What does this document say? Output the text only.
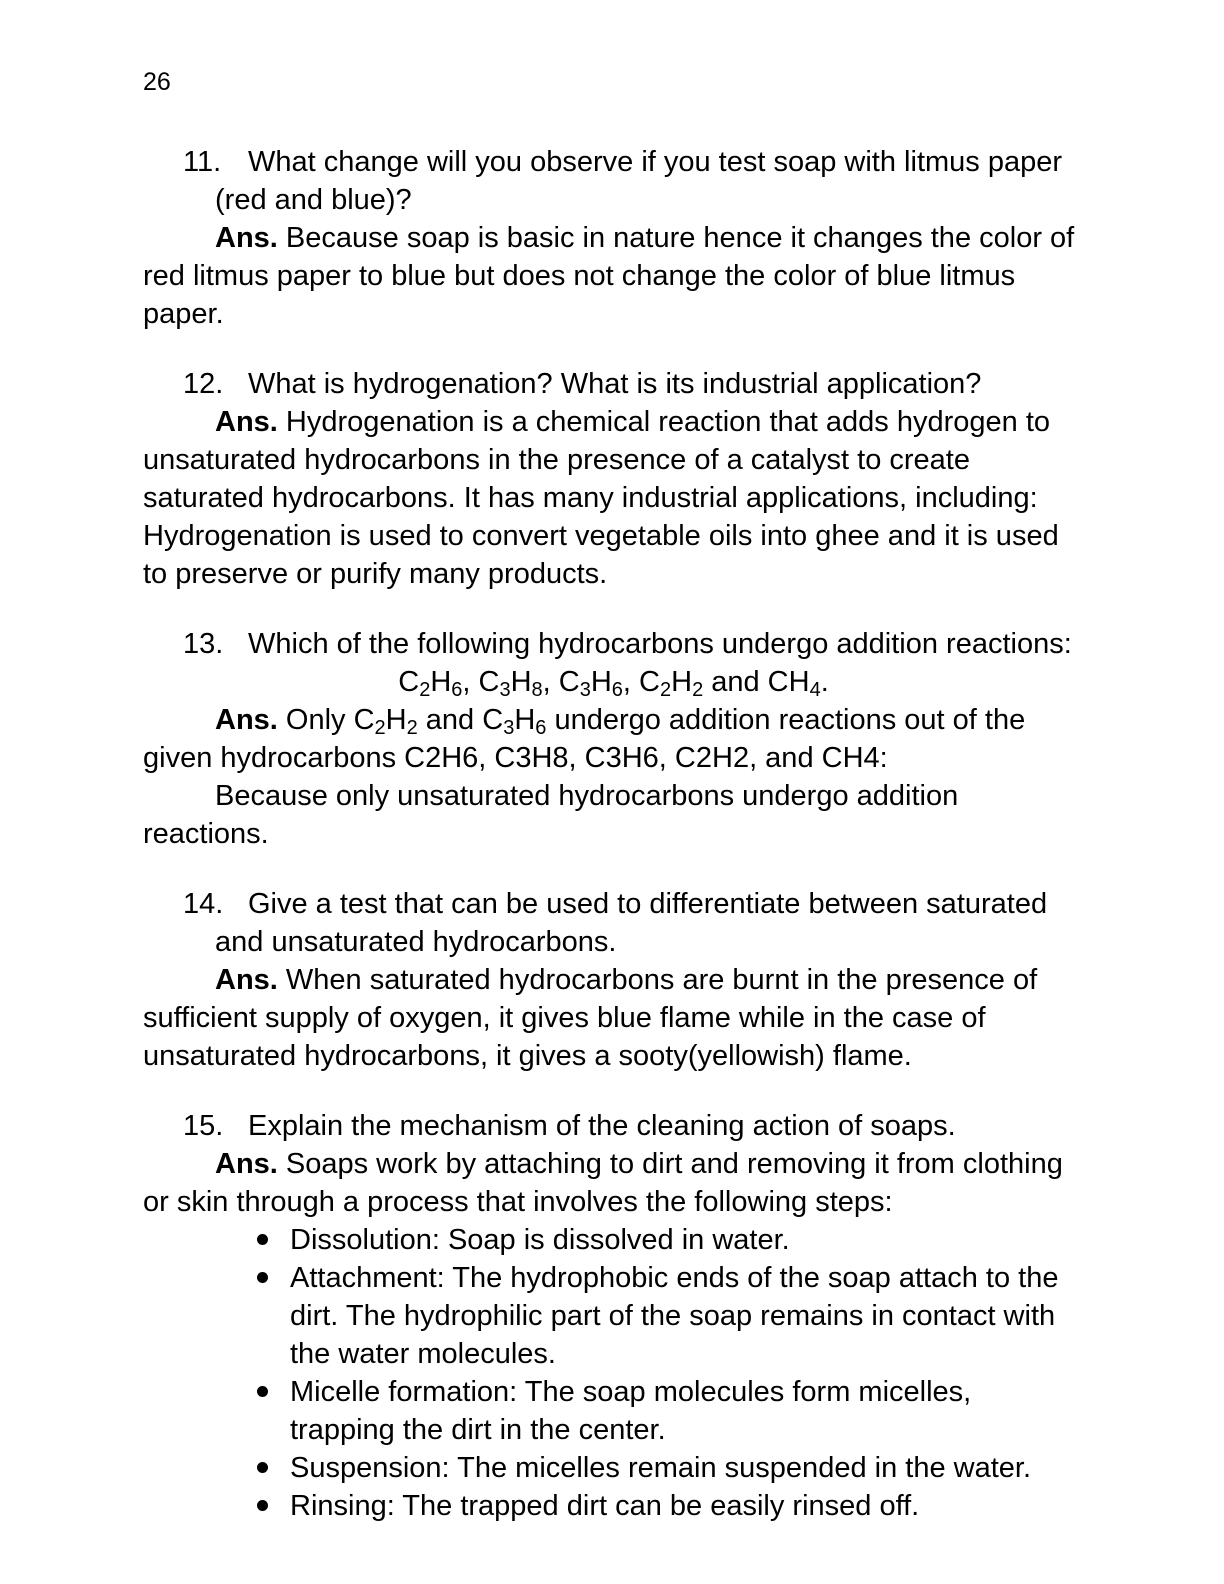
26

11. What change will you observe if you test soap with litmus paper (red and blue)?

Ans. Because soap is basic in nature hence it changes the color of red litmus paper to blue but does not change the color of blue litmus paper.

12. What is hydrogenation? What is its industrial application?

Ans. Hydrogenation is a chemical reaction that adds hydrogen to unsaturated hydrocarbons in the presence of a catalyst to create saturated hydrocarbons. It has many industrial applications, including:

Hydrogenation is used to convert vegetable oils into ghee and it is used to preserve or purify many products.

13. Which of the following hydrocarbons undergo addition reactions:

$C_2H_6$, $C_3H_8$, $C_3H_6$, $C_2H_2$ and $CH_4$.

Ans. Only $C_2H_2$ and $C_3H_6$ undergo addition reactions out of the given hydrocarbons C2H6, C3H8, C3H6, C2H2, and CH4:

Because only unsaturated hydrocarbons undergo addition reactions.

14. Give a test that can be used to differentiate between saturated and unsaturated hydrocarbons.

Ans. When saturated hydrocarbons are burnt in the presence of sufficient supply of oxygen, it gives blue flame while in the case of unsaturated hydrocarbons, it gives a sooty(yellowish) flame.

15. Explain the mechanism of the cleaning action of soaps.

Ans. Soaps work by attaching to dirt and removing it from clothing or skin through a process that involves the following steps:

Dissolution: Soap is dissolved in water.
Attachment: The hydrophobic ends of the soap attach to the dirt. The hydrophilic part of the soap remains in contact with the water molecules.
Micelle formation: The soap molecules form micelles, trapping the dirt in the center.
Suspension: The micelles remain suspended in the water.
Rinsing: The trapped dirt can be easily rinsed off.
